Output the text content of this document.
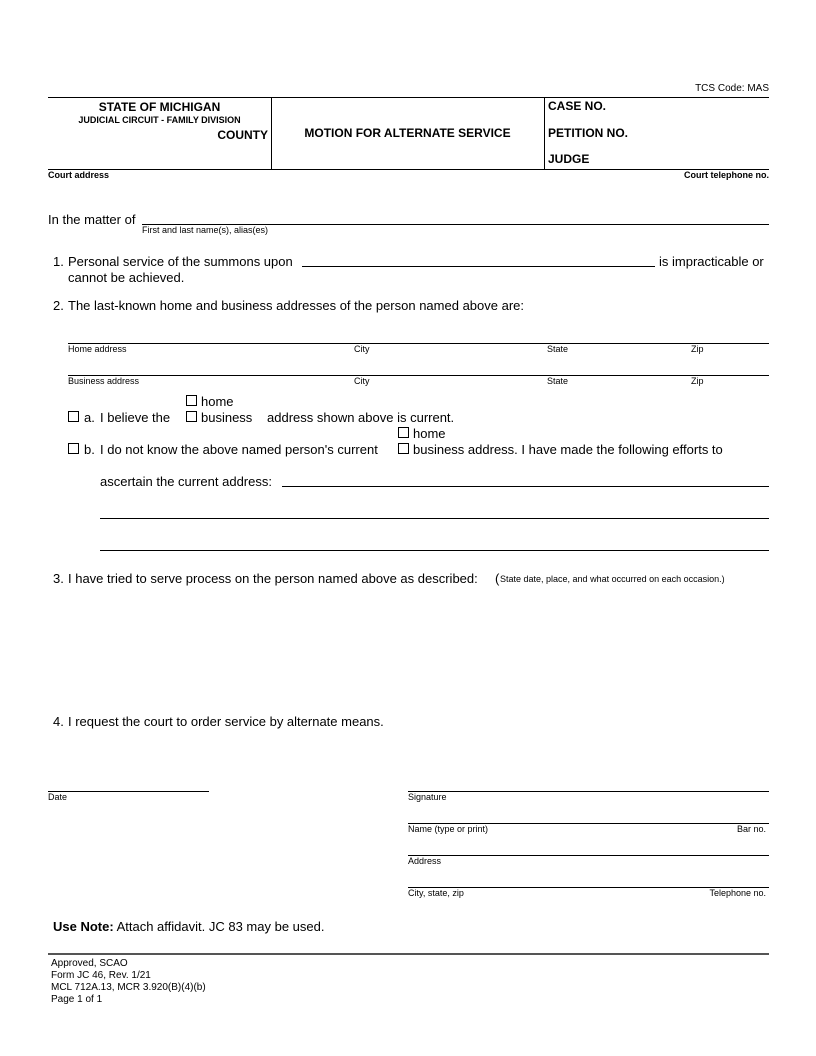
TCS Code: MAS
STATE OF MICHIGAN
JUDICIAL CIRCUIT - FAMILY DIVISION
COUNTY	MOTION FOR ALTERNATE SERVICE
CASE NO.
PETITION NO.
JUDGE
Court address	Court telephone no.
In the matter of
First and last name(s), alias(es)
1. Personal service of the summons upon	is impracticable or
cannot be achieved.
2. The last-known home and business addresses of the person named above are:
Home address	City	State	Zip
Business address	City	State	Zip
home
a. I believe the business address shown above is current.
home
b. I do not know the above named person's current	business address. I have made the following efforts to
ascertain the current address:
3. I have tried to serve process on the person named above as described: ( State date, place, and what occurred on each occasion.)
4. I request the court to order service by alternate means.
Date	Signature
Name (type or print)	Bar no.
Address
City, state, zip	Telephone no.
Use Note: Attach affidavit. JC 83 may be used.
Approved, SCAO
Form JC 46, Rev. 1/21
MCL 712A.13, MCR 3.920(B)(4)(b)
Page 1 of 1
